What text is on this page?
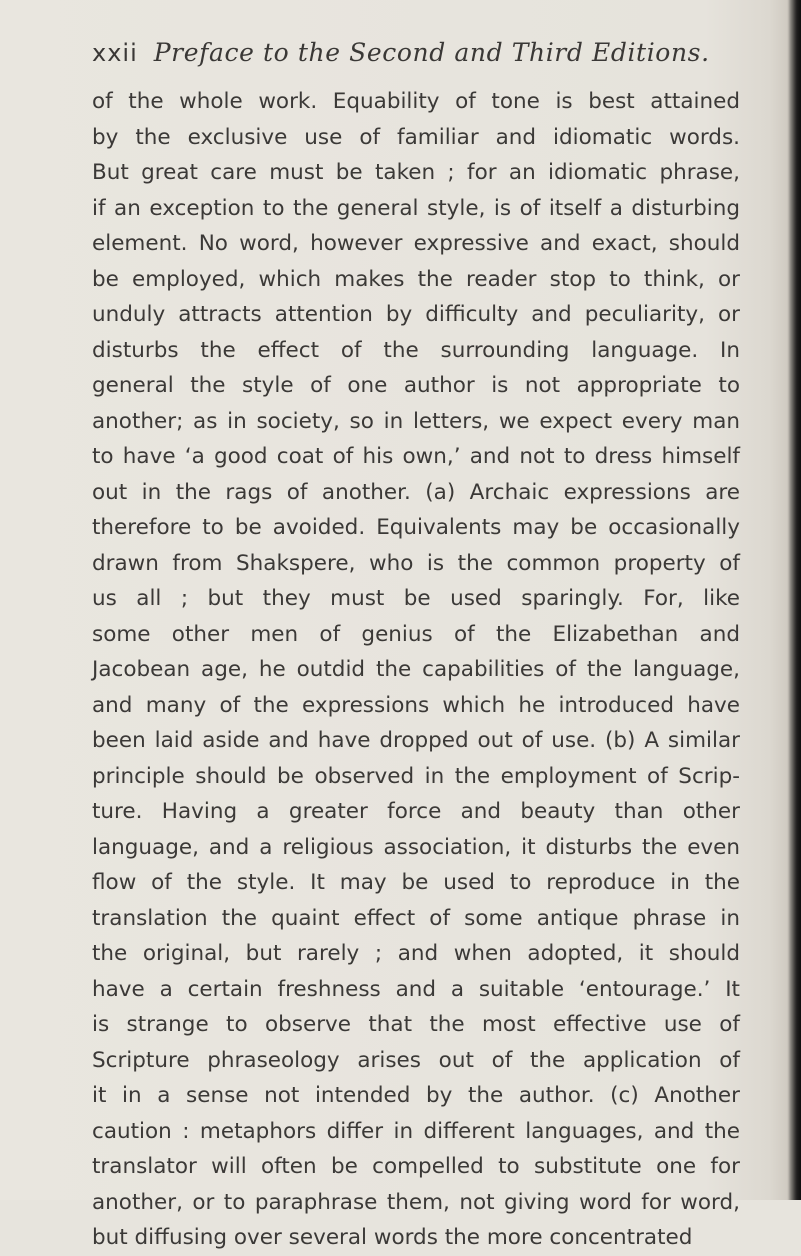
xxii Preface to the Second and Third Editions.
of the whole work. Equability of tone is best attained
by the exclusive use of familiar and idiomatic words.
But great care must be taken ; for an idiomatic phrase,
if an exception to the general style, is of itself a disturbing
element. No word, however expressive and exact, should
be employed, which makes the reader stop to think, or
unduly attracts attention by difficulty and peculiarity, or
disturbs the effect of the surrounding language. In
general the style of one author is not appropriate to
another; as in society, so in letters, we expect every man
to have ‘a good coat of his own,’ and not to dress himself
out in the rags of another. (a) Archaic expressions are
therefore to be avoided. Equivalents may be occasionally
drawn from Shakspere, who is the common property of
us all ; but they must be used sparingly. For, like
some other men of genius of the Elizabethan and
Jacobean age, he outdid the capabilities of the language,
and many of the expressions which he introduced have
been laid aside and have dropped out of use. (b) A similar
principle should be observed in the employment of Scrip-
ture. Having a greater force and beauty than other
language, and a religious association, it disturbs the even
flow of the style. It may be used to reproduce in the
translation the quaint effect of some antique phrase in
the original, but rarely ; and when adopted, it should
have a certain freshness and a suitable ‘entourage.’ It
is strange to observe that the most effective use of
Scripture phraseology arises out of the application of
it in a sense not intended by the author. (c) Another
caution : metaphors differ in different languages, and the
translator will often be compelled to substitute one for
another, or to paraphrase them, not giving word for word,
but diffusing over several words the more concentrated
